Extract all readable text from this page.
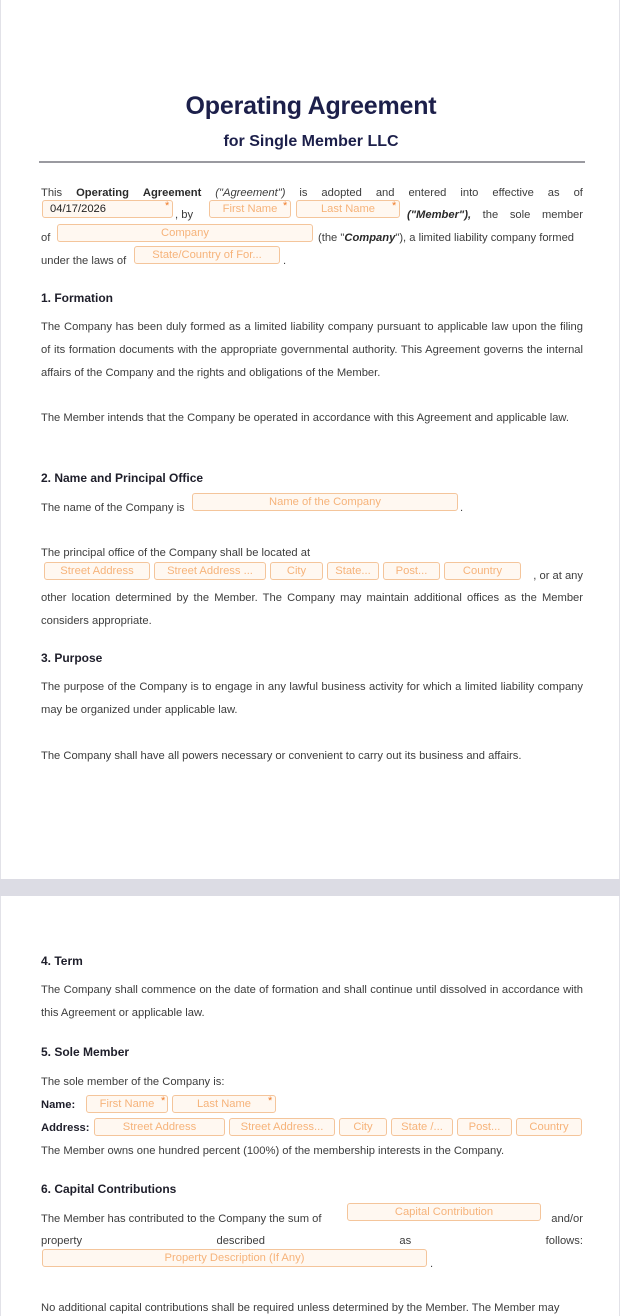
Operating Agreement
for Single Member LLC
This Operating Agreement ("Agreement") is adopted and entered into effective as of
04/17/2026	*
, by	First Name *	Last Name	*
("Member"), the sole member
of	Company	(the "Company"), a limited liability company formed
under the laws of	State/Country of For...	.
1. Formation
The Company has been duly formed as a limited liability company pursuant to applicable law upon the filing of its formation documents with the appropriate governmental authority. This Agreement governs the internal affairs of the Company and the rights and obligations of the Member.
The Member intends that the Company be operated in accordance with this Agreement and applicable law.
2. Name and Principal Office
The name of the Company is	Name of the Company	.
The principal office of the Company shall be located at
Street Address	Street Address ...	City	State...	Post...	Country	, or at any
other location determined by the Member. The Company may maintain additional offices as the Member considers appropriate.
3. Purpose
The purpose of the Company is to engage in any lawful business activity for which a limited liability company may be organized under applicable law.
The Company shall have all powers necessary or convenient to carry out its business and affairs.
4. Term
The Company shall commence on the date of formation and shall continue until dissolved in accordance with this Agreement or applicable law.
5. Sole Member
The sole member of the Company is:
Name:	First Name *	Last Name	*
Address:	Street Address	Street Address...	City	State /...	Post...	Country
The Member owns one hundred percent (100%) of the membership interests in the Company.
6. Capital Contributions
The Member has contributed to the Company the sum of
Capital Contribution
and/or
property	described	as	follows:
Property Description (If Any)	.
No additional capital contributions shall be required unless determined by the Member. The Member may
